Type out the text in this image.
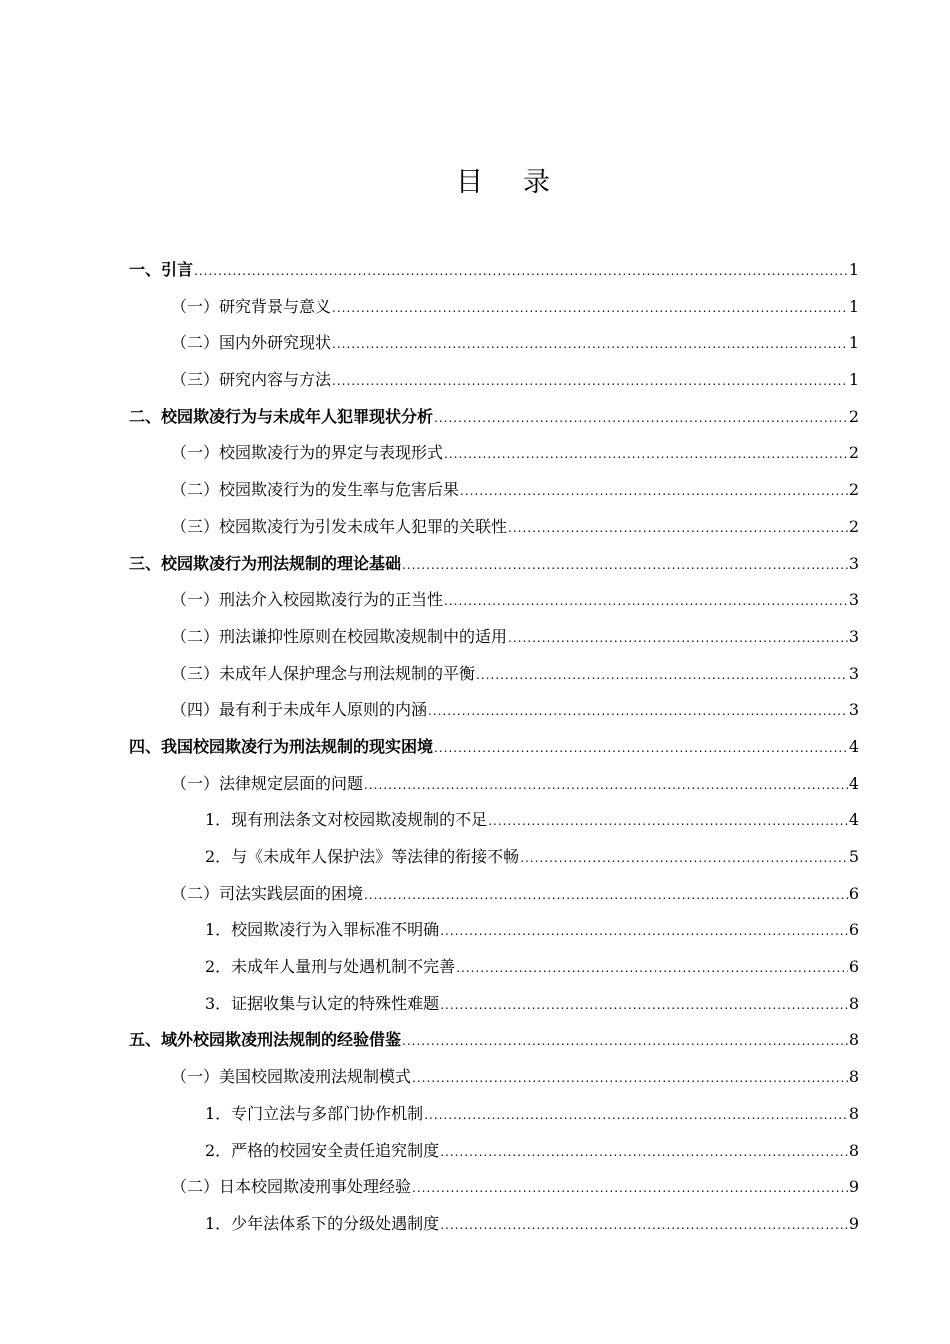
目录
一、引言 .....	1
（一）研究背景与意义 .....	1
（二）国内外研究现状 .....	1
（三）研究内容与方法 .....	1
二、校园欺凌行为与未成年人犯罪现状分析 .....	2
（一）校园欺凌行为的界定与表现形式 .....	2
（二）校园欺凌行为的发生率与危害后果 .....	2
（三）校园欺凌行为引发未成年人犯罪的关联性 .....	2
三、校园欺凌行为刑法规制的理论基础 .....	3
（一）刑法介入校园欺凌行为的正当性 .....	3
（二）刑法谦抑性原则在校园欺凌规制中的适用 .....	3
（三）未成年人保护理念与刑法规制的平衡 .....	3
（四）最有利于未成年人原则的内涵 .....	3
四、我国校园欺凌行为刑法规制的现实困境 .....	4
（一）法律规定层面的问题 .....	4
1．现有刑法条文对校园欺凌规制的不足 .....	4
2．与《未成年人保护法》等法律的衔接不畅 .....	5
（二）司法实践层面的困境 .....	6
1．校园欺凌行为入罪标准不明确 .....	6
2．未成年人量刑与处遇机制不完善 .....	6
3．证据收集与认定的特殊性难题 .....	8
五、域外校园欺凌刑法规制的经验借鉴 .....	8
（一）美国校园欺凌刑法规制模式 .....	8
1．专门立法与多部门协作机制 .....	8
2．严格的校园安全责任追究制度 .....	8
（二）日本校园欺凌刑事处理经验 .....	9
1．少年法体系下的分级处遇制度 .....	9
